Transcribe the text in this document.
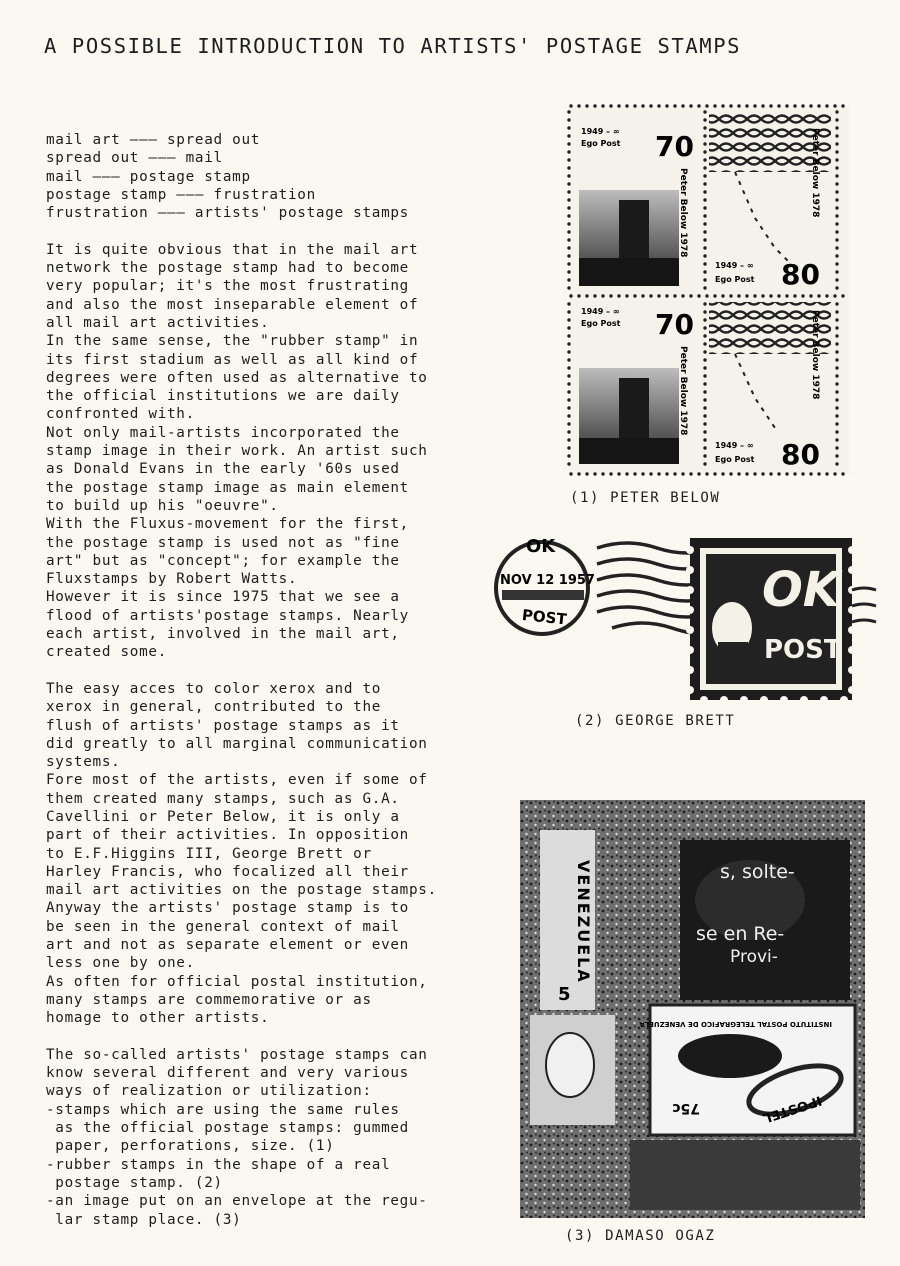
A POSSIBLE INTRODUCTION TO ARTISTS' POSTAGE STAMPS
mail art ——— spread out
spread out ——— mail
mail ——— postage stamp
postage stamp ——— frustration
frustration ——— artists' postage stamps
It is quite obvious that in the mail art
network the postage stamp had to become
very popular; it's the most frustrating
and also the most inseparable element of
all mail art activities.
In the same sense, the "rubber stamp" in
its first stadium as well as all kind of
degrees were often used as alternative to
the official institutions we are daily
confronted with.
Not only mail-artists incorporated the
stamp image in their work. An artist such
as Donald Evans in the early '60s used
the postage stamp image as main element
to build up his "oeuvre".
With the Fluxus-movement for the first,
the postage stamp is used not as "fine
art" but as "concept"; for example the
Fluxstamps by Robert Watts.
However it is since 1975 that we see a
flood of artists'postage stamps. Nearly
each artist, involved in the mail art,
created some.
The easy acces to color xerox and to
xerox in general, contributed to the
flush of artists' postage stamps as it
did greatly to all marginal communication
systems.
Fore most of the artists, even if some of
them created many stamps, such as G.A.
Cavellini or Peter Below, it is only a
part of their activities. In opposition
to E.F.Higgins III, George Brett or
Harley Francis, who focalized all their
mail art activities on the postage stamps.
Anyway the artists' postage stamp is to
be seen in the general context of mail
art and not as separate element or even
less one by one.
As often for official postal institution,
many stamps are commemorative or as
homage to other artists.
The so-called artists' postage stamps can
know several different and very various
ways of realization or utilization:
-stamps which are using the same rules
as the official postage stamps: gummed
paper, perforations, size. (1)
-rubber stamps in the shape of a real
postage stamp. (2)
-an image put on an envelope at the regu-
lar stamp place. (3)
1949 – ∞
Ego Post 70
Peter Below 1978	Peter Below 1978
1949 – ∞
Ego Post 80
1949 – ∞
Ego Post 70
Peter Below 1978	Peter Below 1978
1949 – ∞
Ego Post 80
(1) PETER BELOW
OK
NOV 12 1957
POST	OK
POST
(2) GEORGE BRETT
VENEZUELA
5
s, solte-
se en Re-
Provi-
INSTITUTO POSTAL TELEGRAFICO DE VENEZUELA
IPOSTEL
75c
(3) DAMASO OGAZ
